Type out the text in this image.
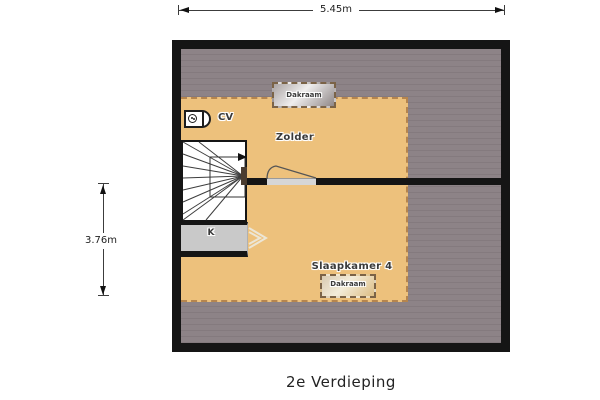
5.45m
3.76m
Zolder
Slaapkamer 4
Dakraam
Dakraam
K
CV
2e Verdieping
